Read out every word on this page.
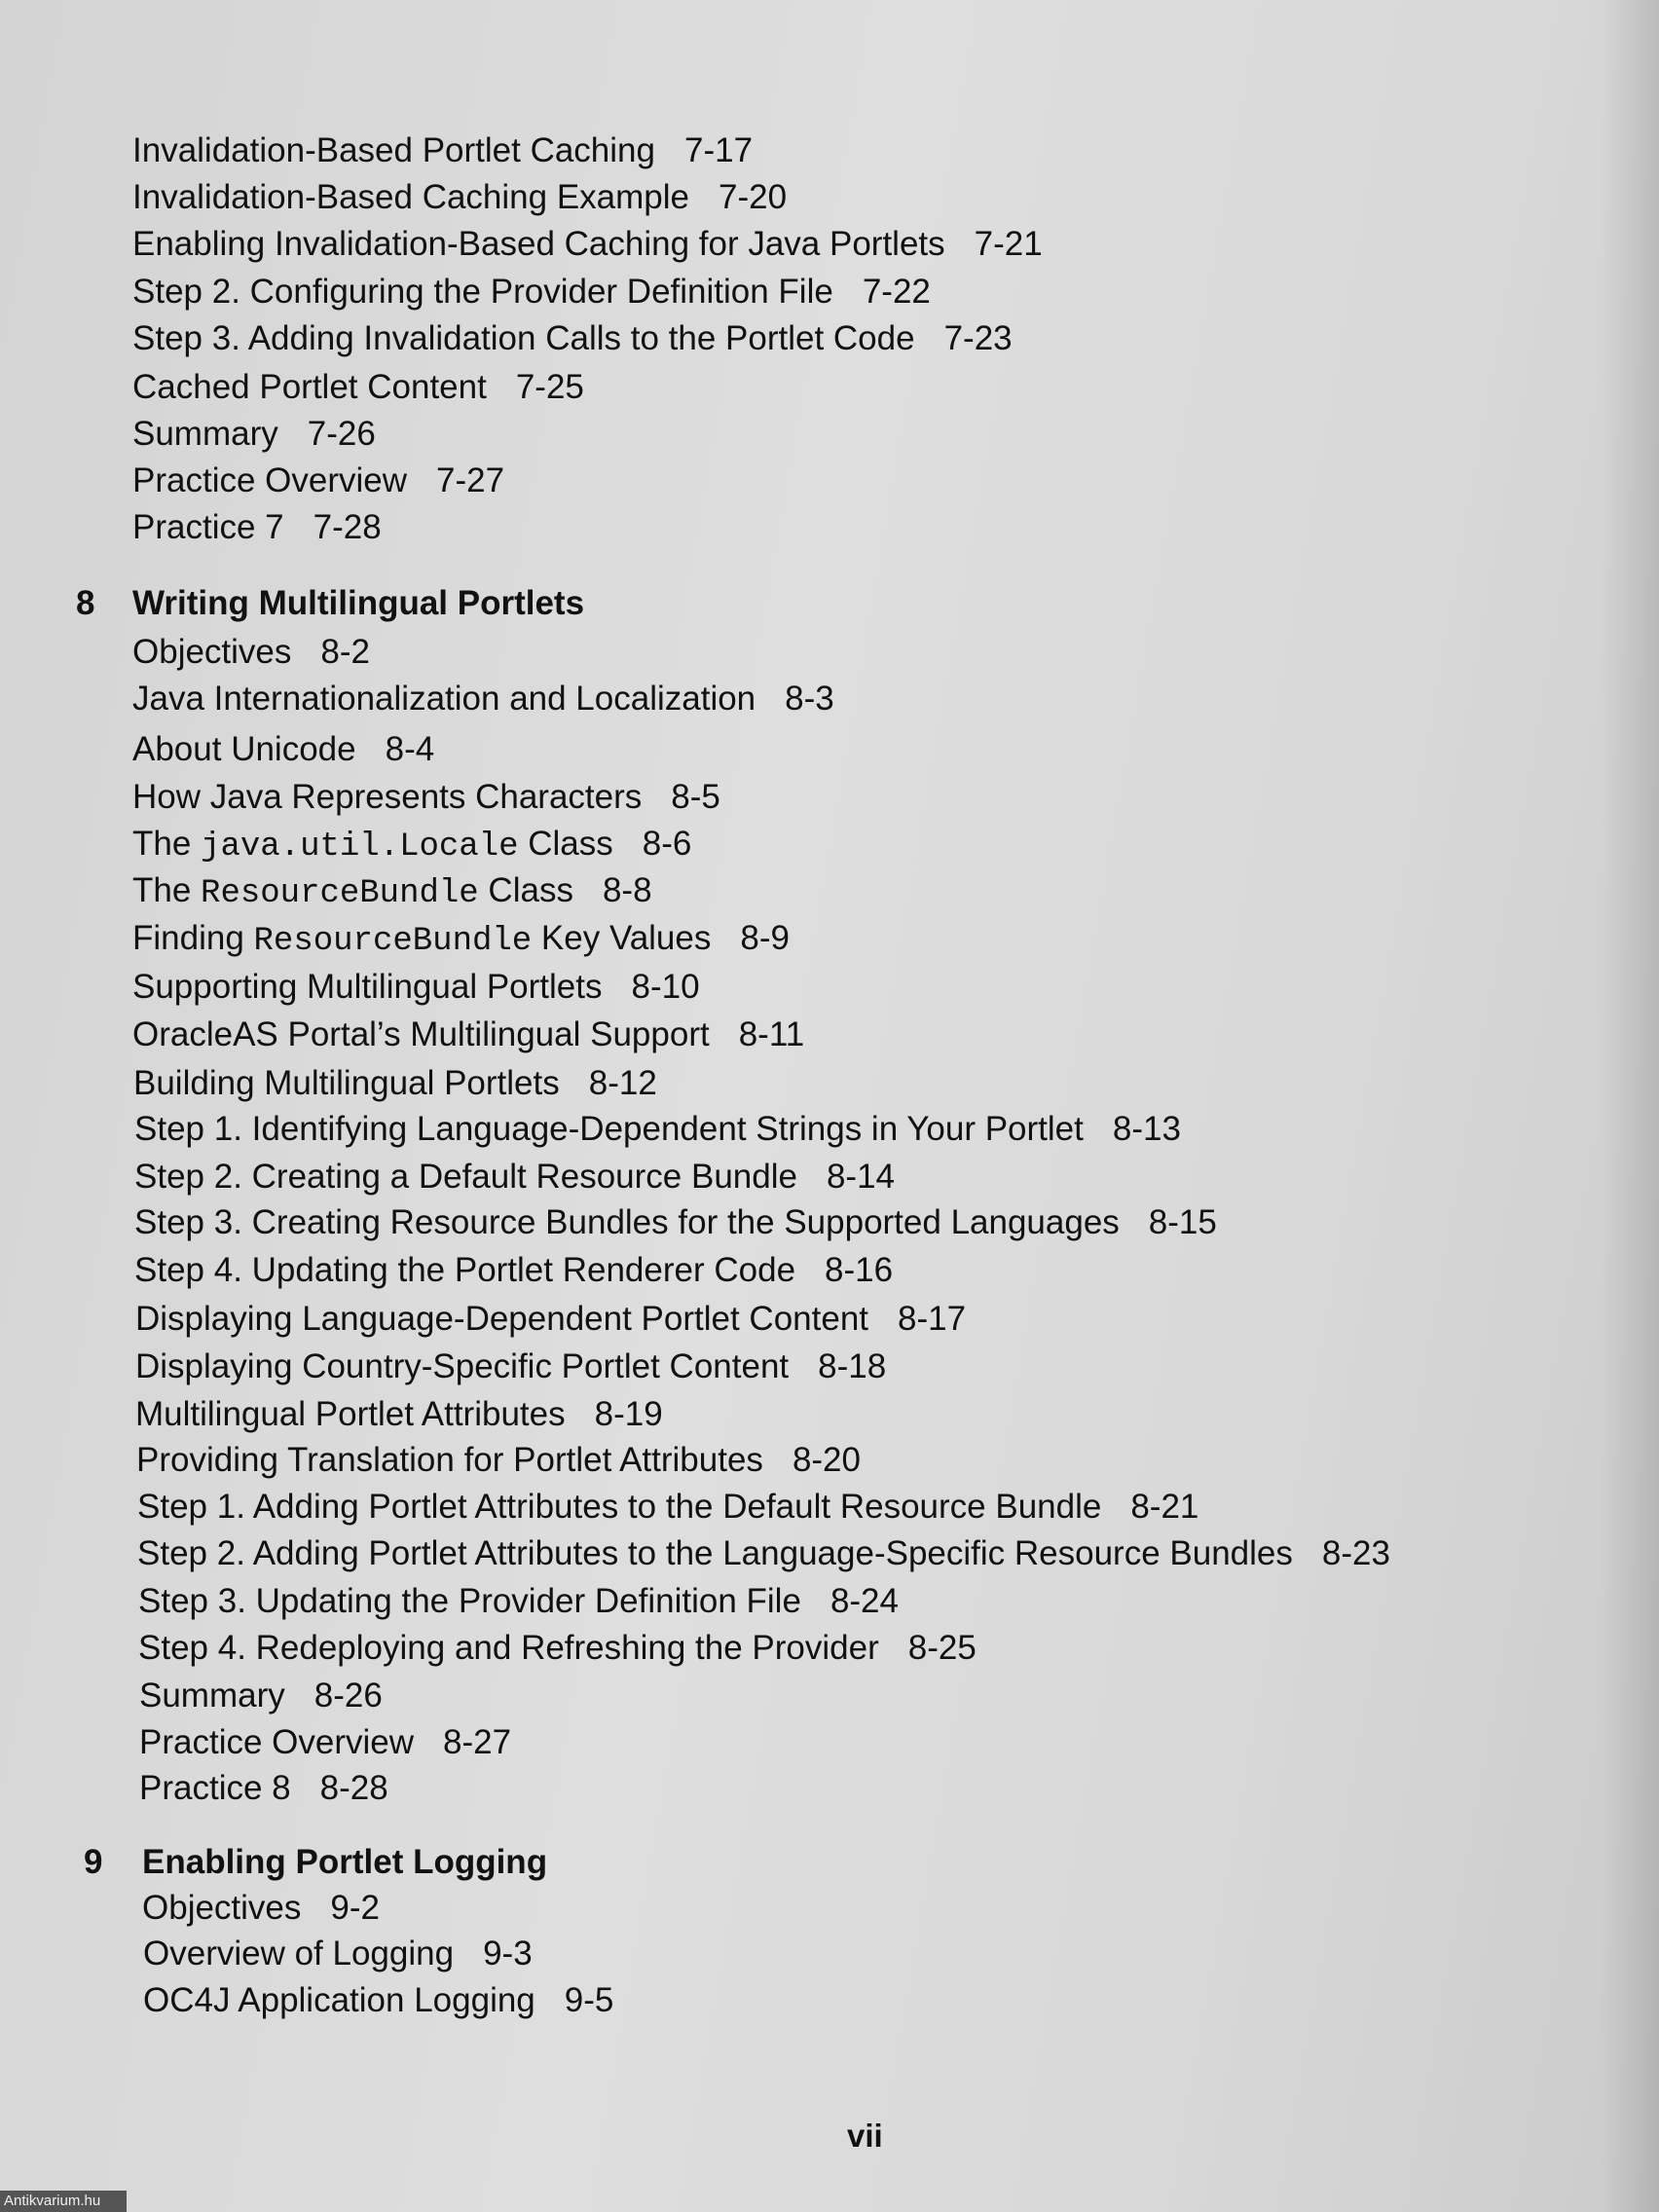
Invalidation-Based Portlet Caching 7-17
Invalidation-Based Caching Example 7-20
Enabling Invalidation-Based Caching for Java Portlets 7-21
Step 2. Configuring the Provider Definition File 7-22
Step 3. Adding Invalidation Calls to the Portlet Code 7-23
Cached Portlet Content 7-25
Summary 7-26
Practice Overview 7-27
Practice 7 7-28
8 Writing Multilingual Portlets
Objectives 8-2
Java Internationalization and Localization 8-3
About Unicode 8-4
How Java Represents Characters 8-5
The java.util.Locale Class 8-6
The ResourceBundle Class 8-8
Finding ResourceBundle Key Values 8-9
Supporting Multilingual Portlets 8-10
OracleAS Portal’s Multilingual Support 8-11
Building Multilingual Portlets 8-12
Step 1. Identifying Language-Dependent Strings in Your Portlet 8-13
Step 2. Creating a Default Resource Bundle 8-14
Step 3. Creating Resource Bundles for the Supported Languages 8-15
Step 4. Updating the Portlet Renderer Code 8-16
Displaying Language-Dependent Portlet Content 8-17
Displaying Country-Specific Portlet Content 8-18
Multilingual Portlet Attributes 8-19
Providing Translation for Portlet Attributes 8-20
Step 1. Adding Portlet Attributes to the Default Resource Bundle 8-21
Step 2. Adding Portlet Attributes to the Language-Specific Resource Bundles 8-23
Step 3. Updating the Provider Definition File 8-24
Step 4. Redeploying and Refreshing the Provider 8-25
Summary 8-26
Practice Overview 8-27
Practice 8 8-28
9 Enabling Portlet Logging
Objectives 9-2
Overview of Logging 9-3
OC4J Application Logging 9-5
vii
Antikvarium.hu
